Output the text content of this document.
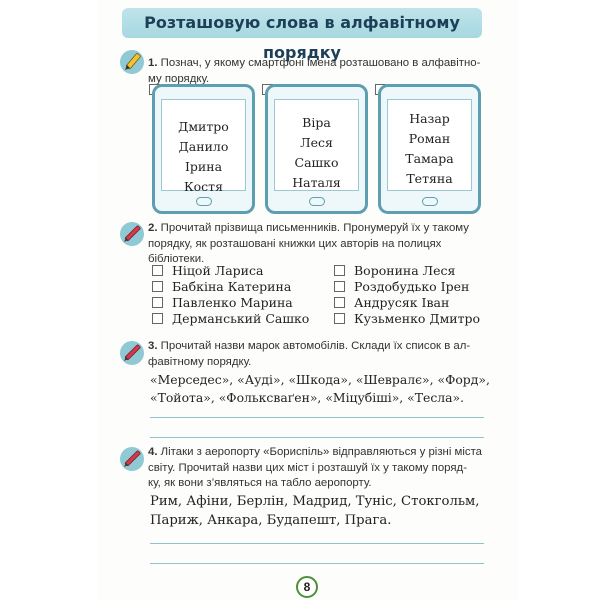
Розташовую слова в алфавітному порядку
1. Познач, у якому смартфоні імена розташовано в алфавітно-
му порядку.
Дмитро
Данило
Ірина
Костя
Віра
Леся
Сашко
Наталя
Назар
Роман
Тамара
Тетяна
2. Прочитай прізвища письменників. Пронумеруй їх у такому
порядку, як розташовані книжки цих авторів на полицях
бібліотеки.
Ніцой Лариса
Бабкіна Катерина
Павленко Марина
Дерманський Сашко
Воронина Леся
Роздобудько Ірен
Андрусяк Іван
Кузьменко Дмитро
3. Прочитай назви марок автомобілів. Склади їх список в ал-
фавітному порядку.
«Мерседес», «Ауді», «Шкода», «Шевралє», «Форд»,
«Тойота», «Фольксваґен», «Міцубіші», «Тесла».
4. Літаки з аеропорту «Бориспіль» відправляються у різні міста
світу. Прочитай назви цих міст і розташуй їх у такому поряд-
ку, як вони з’являться на табло аеропорту.
Рим, Афіни, Берлін, Мадрид, Туніс, Стокгольм,
Париж, Анкара, Будапешт, Прага.
8
